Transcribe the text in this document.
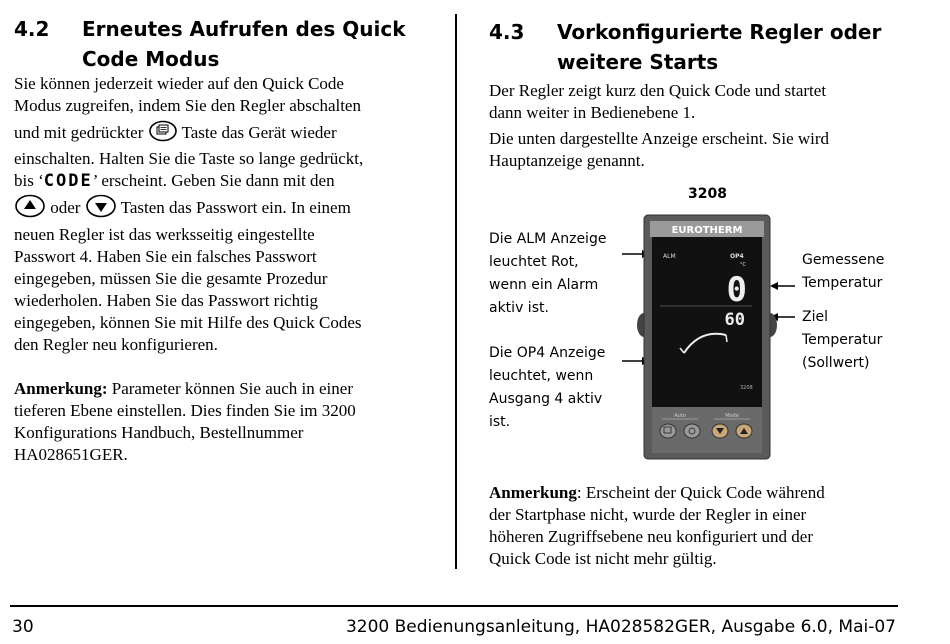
4.2 Erneutes Aufrufen des Quick
Code Modus
Sie können jederzeit wieder auf den Quick Code
Modus zugreifen, indem Sie den Regler abschalten
und mit gedrückter Taste das Gerät wieder
einschalten. Halten Sie die Taste so lange gedrückt,
bis ‘CODE’ erscheint. Geben Sie dann mit den
oder Tasten das Passwort ein. In einem
neuen Regler ist das werksseitig eingestellte
Passwort 4. Haben Sie ein falsches Passwort
eingegeben, müssen Sie die gesamte Prozedur
wiederholen. Haben Sie das Passwort richtig
eingegeben, können Sie mit Hilfe des Quick Codes
den Regler neu konfigurieren.
Anmerkung: Parameter können Sie auch in einer
tieferen Ebene einstellen. Dies finden Sie im 3200
Konfigurations Handbuch, Bestellnummer
HA028651GER.
4.3 Vorkonfigurierte Regler oder
weitere Starts
Der Regler zeigt kurz den Quick Code und startet
dann weiter in Bedienebene 1.
Die unten dargestellte Anzeige erscheint. Sie wird
Hauptanzeige genannt.
3208
Die ALM Anzeige
leuchtet Rot,
wenn ein Alarm
aktiv ist.
Die OP4 Anzeige
leuchtet, wenn
Ausgang 4 aktiv
ist.
Gemessene
Temperatur
Ziel
Temperatur
(Sollwert)
EUROTHERM
ALM	OP4
°C
0
60
3208
Auto	Mode
Anmerkung: Erscheint der Quick Code während
der Startphase nicht, wurde der Regler in einer
höheren Zugriffsebene neu konfiguriert und der
Quick Code ist nicht mehr gültig.
30	3200 Bedienungsanleitung, HA028582GER, Ausgabe 6.0, Mai-07
